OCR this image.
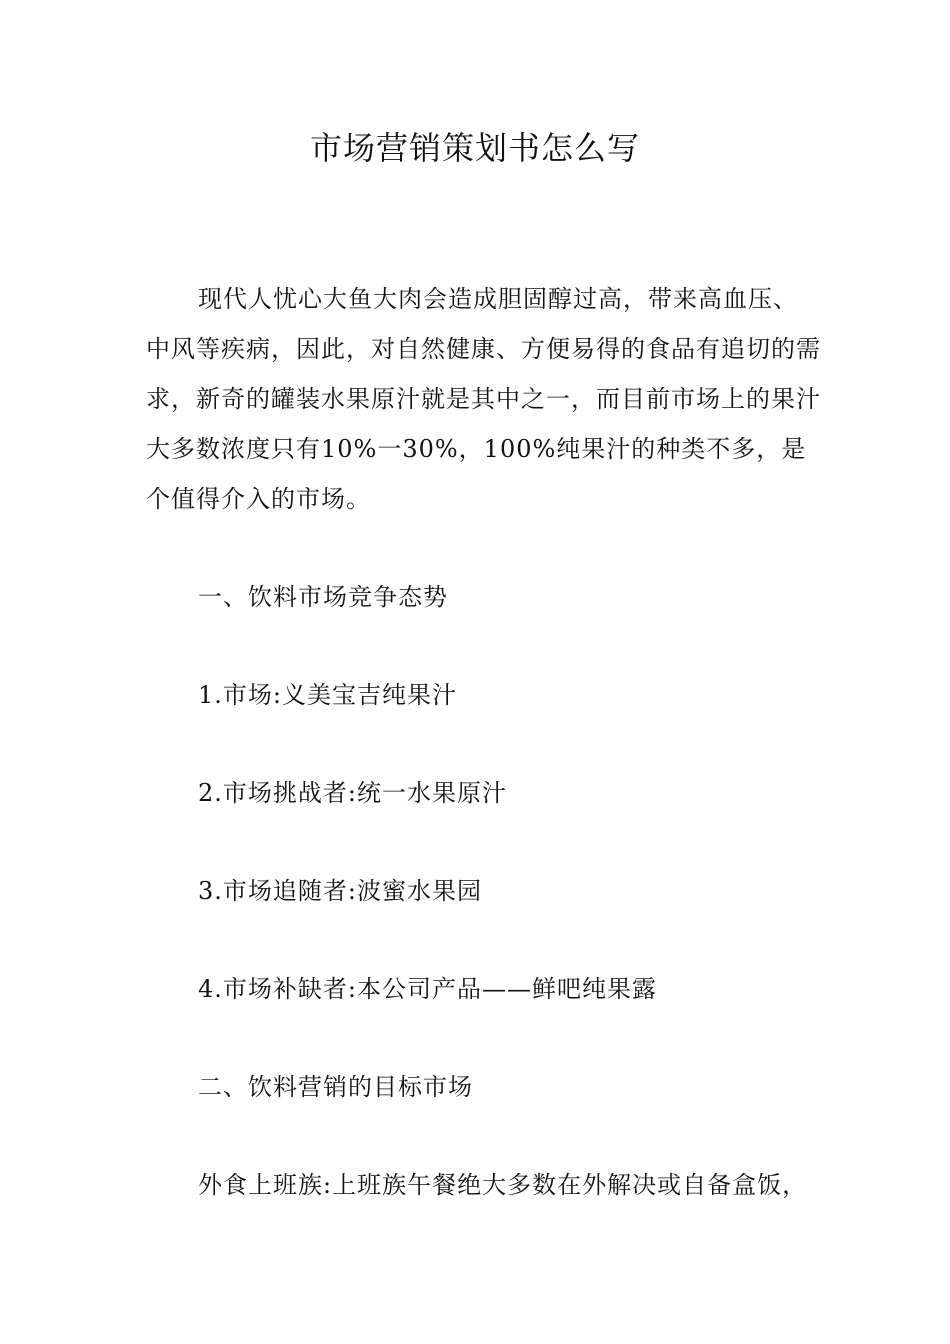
市场营销策划书怎么写

现代人忧心大鱼大肉会造成胆固醇过高，带来高血压、中风等疾病，因此，对自然健康、方便易得的食品有追切的需求，新奇的罐装水果原汁就是其中之一，而目前市场上的果汁大多数浓度只有10%一30%，100%纯果汁的种类不多，是个值得介入的市场。

一、饮料市场竞争态势

1.市场:义美宝吉纯果汁

2.市场挑战者:统一水果原汁

3.市场追随者:波蜜水果园

4.市场补缺者:本公司产品——鲜吧纯果露

二、饮料营销的目标市场

外食上班族:上班族午餐绝大多数在外解决或自备盒饭，
